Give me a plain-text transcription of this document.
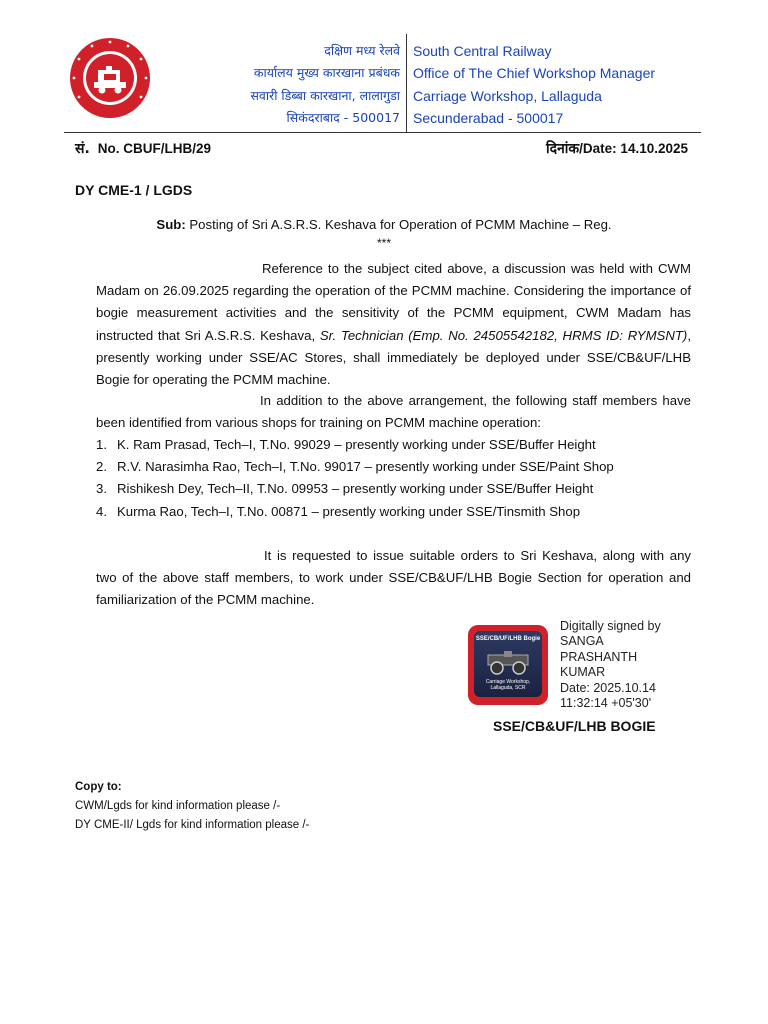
दक्षिण मध्य रेलवे
कार्यालय मुख्य कारखाना प्रबंधक
सवारी डिब्बा कारखाना, लालागुडा
सिकंदराबाद - 500017
South Central Railway
Office of The Chief Workshop Manager
Carriage Workshop, Lallaguda
Secunderabad - 500017
सं. No. CBUF/LHB/29	दिनांक/Date: 14.10.2025
DY CME-1 / LGDS
Sub: Posting of Sri A.S.R.S. Keshava for Operation of PCMM Machine – Reg.
***
Reference to the subject cited above, a discussion was held with CWM Madam on 26.09.2025 regarding the operation of the PCMM machine. Considering the importance of bogie measurement activities and the sensitivity of the PCMM equipment, CWM Madam has instructed that Sri A.S.R.S. Keshava, Sr. Technician (Emp. No. 24505542182, HRMS ID: RYMSNT), presently working under SSE/AC Stores, shall immediately be deployed under SSE/CB&UF/LHB Bogie for operating the PCMM machine.
In addition to the above arrangement, the following staff members have been identified from various shops for training on PCMM machine operation:
1. K. Ram Prasad, Tech–I, T.No. 99029 – presently working under SSE/Buffer Height
2. R.V. Narasimha Rao, Tech–I, T.No. 99017 – presently working under SSE/Paint Shop
3. Rishikesh Dey, Tech–II, T.No. 09953 – presently working under SSE/Buffer Height
4. Kurma Rao, Tech–I, T.No. 00871 – presently working under SSE/Tinsmith Shop
It is requested to issue suitable orders to Sri Keshava, along with any two of the above staff members, to work under SSE/CB&UF/LHB Bogie Section for operation and familiarization of the PCMM machine.
SSE/CB/UF/LHB Bogie
Carriage Workshop,
Lallaguda, SCR
Digitally signed by
SANGA
PRASHANTH
KUMAR
Date: 2025.10.14
11:32:14 +05'30'
SSE/CB&UF/LHB BOGIE
Copy to:
CWM/Lgds for kind information please /-
DY CME-II/ Lgds for kind information please /-
